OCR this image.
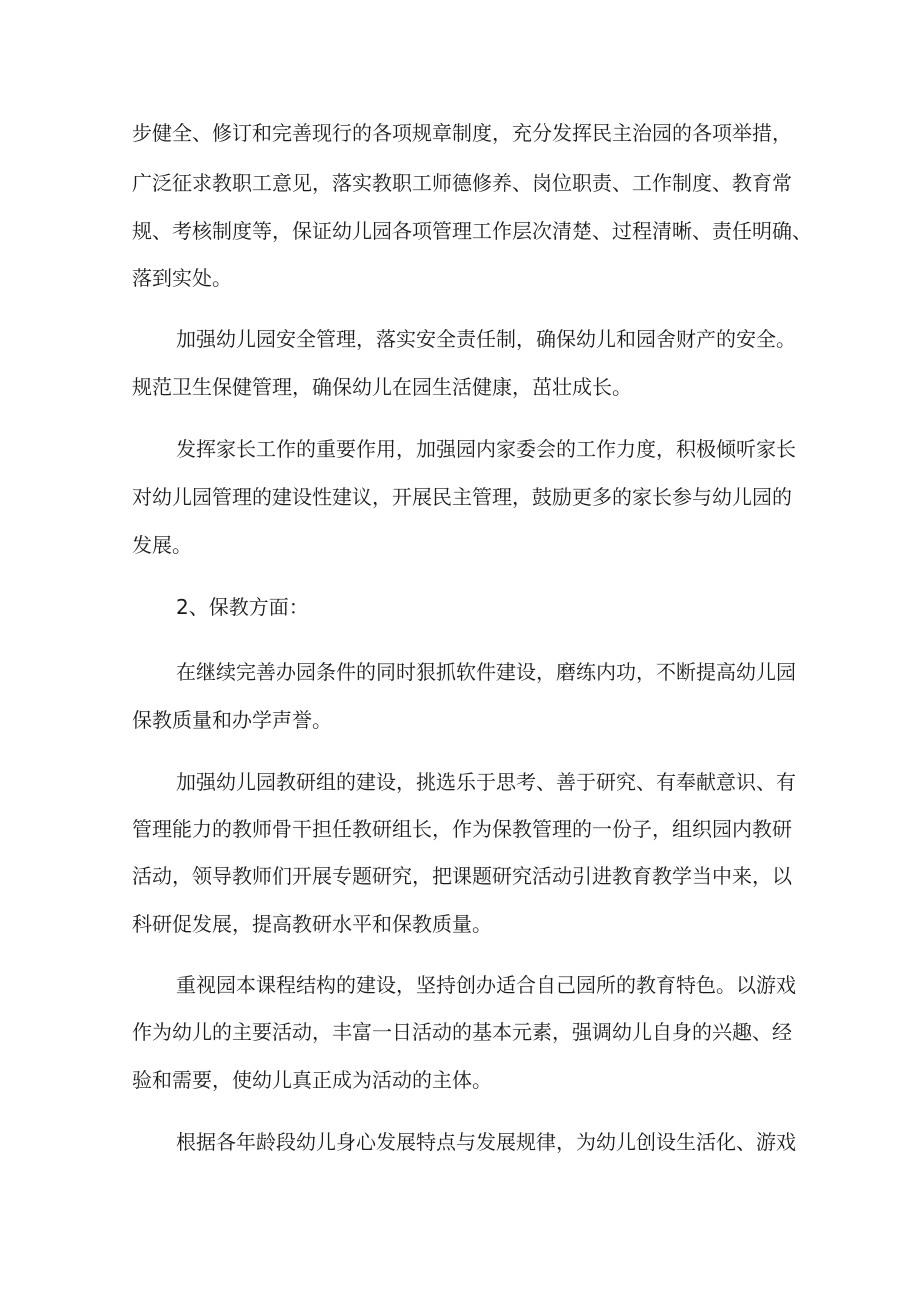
步健全、修订和完善现行的各项规章制度，充分发挥民主治园的各项举措，

广泛征求教职工意见，落实教职工师德修养、岗位职责、工作制度、教育常

规、考核制度等，保证幼儿园各项管理工作层次清楚、过程清晰、责任明确、

落到实处。

加强幼儿园安全管理，落实安全责任制，确保幼儿和园舍财产的安全。

规范卫生保健管理，确保幼儿在园生活健康，茁壮成长。

发挥家长工作的重要作用，加强园内家委会的工作力度，积极倾听家长

对幼儿园管理的建设性建议，开展民主管理，鼓励更多的家长参与幼儿园的

发展。

2、保教方面：

在继续完善办园条件的同时狠抓软件建设，磨练内功，不断提高幼儿园

保教质量和办学声誉。

加强幼儿园教研组的建设，挑选乐于思考、善于研究、有奉献意识、有

管理能力的教师骨干担任教研组长，作为保教管理的一份子，组织园内教研

活动，领导教师们开展专题研究，把课题研究活动引进教育教学当中来，以

科研促发展，提高教研水平和保教质量。

重视园本课程结构的建设，坚持创办适合自己园所的教育特色。以游戏

作为幼儿的主要活动，丰富一日活动的基本元素，强调幼儿自身的兴趣、经

验和需要，使幼儿真正成为活动的主体。

根据各年龄段幼儿身心发展特点与发展规律，为幼儿创设生活化、游戏
